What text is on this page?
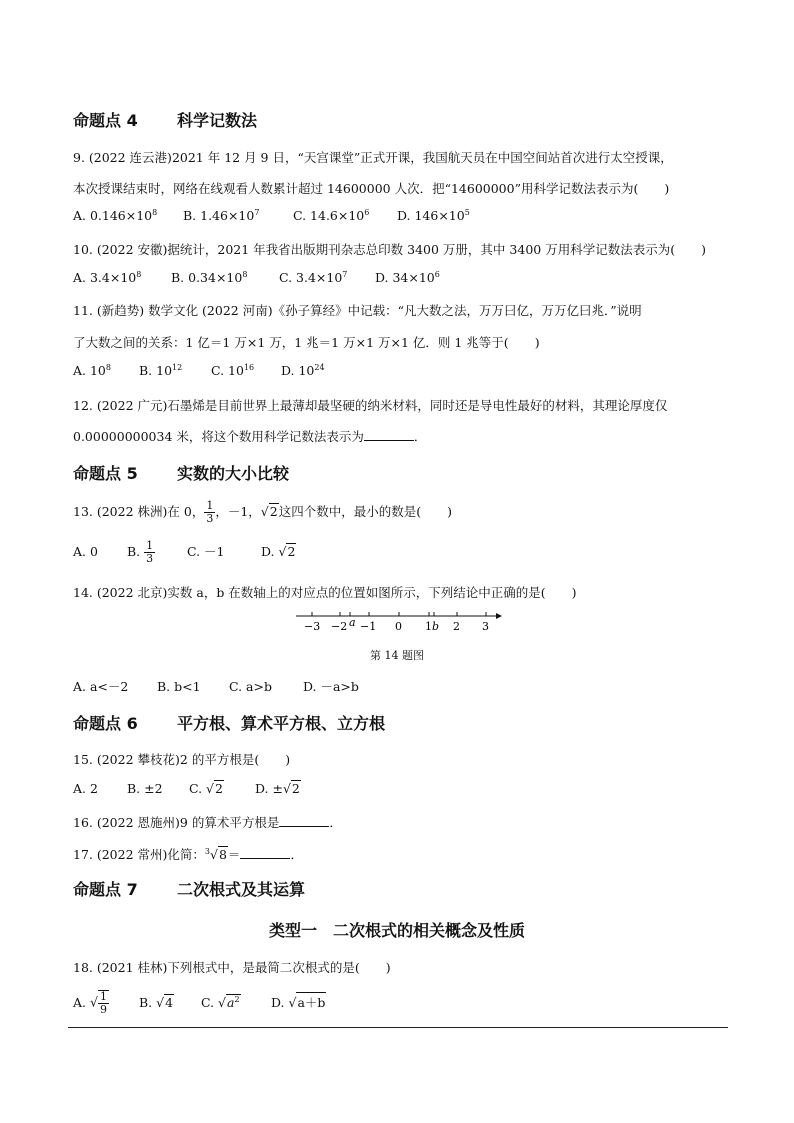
命题点 4 科学记数法
9. (2022 连云港)2021 年 12 月 9 日，“天宫课堂”正式开课，我国航天员在中国空间站首次进行太空授课，
本次授课结束时，网络在线观看人数累计超过 14600000 人次．把“14600000”用科学记数法表示为( )
A. $0.146\times 10^8$ B. $1.46\times 10^7$	C. $14.6\times 10^6$ D. $146\times 10^5$
10. (2022 安徽)据统计，2021 年我省出版期刊杂志总印数 3400 万册，其中 3400 万用科学记数法表示为( )
A. $3.4\times 10^8$ B. $0.34\times 10^8$	C. $3.4\times 10^7$ D. $34\times 10^6$
11. (新趋势) 数学文化 (2022 河南)《孙子算经》中记载：“凡大数之法，万万曰亿，万万亿曰兆．”说明
了大数之间的关系：1 亿＝1 万×1 万，1 兆＝1 万×1 万×1 亿．则 1 兆等于( )
A. $10^8$ B. $10^{12}$ C. $10^{16}$ D. $10^{24}$
12. (2022 广元)石墨烯是目前世界上最薄却最坚硬的纳米材料，同时还是导电性最好的材料，其理论厚度仅
0.00000000034 米，将这个数用科学记数法表示为	．
命题点 5 实数的大小比较
13. (2022 株洲)在 0， $\frac{1}{3}$ ，－1，√2这四个数中，最小的数是( )
A. 0 B. $\frac{1}{3}$	C. －1	D. √2
14. (2022 北京)实数 a，b 在数轴上的对应点的位置如图所示，下列结论中正确的是( )
−3 −2 a −1 0 1 b 2 3
第 14 题图
A. a<－2 B. b<1 C. a>b D. －a>b
命题点 6 平方根、算术平方根、立方根
15. (2022 攀枝花)2 的平方根是( )
A. 2 B. ±2 C. √2	D. ±√2
16. (2022 恩施州)9 的算术平方根是	．
17. (2022 常州)化简：$^3$√8＝	．
命题点 7 二次根式及其运算
类型一　二次根式的相关概念及性质
18. (2021 桂林)下列根式中，是最简二次根式的是( )
A. √ $\frac{1}{9} B$. √4 C. $√a^2$	D. √a＋b
